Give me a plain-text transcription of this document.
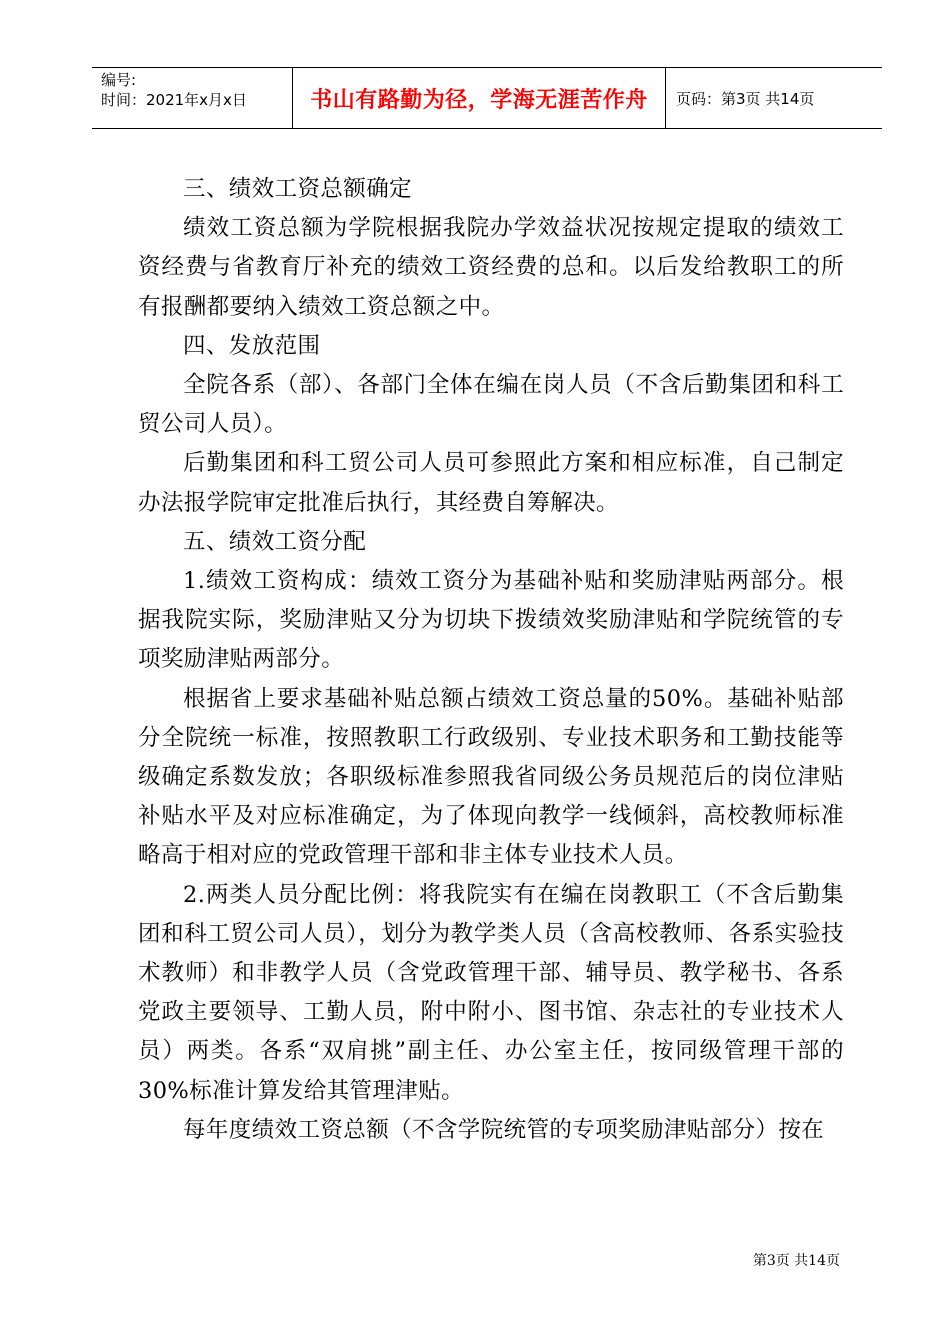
编号:
时间：2021年x月x日	书山有路勤为径，学海无涯苦作舟	页码：第3页 共14页

三、绩效工资总额确定

绩效工资总额为学院根据我院办学效益状况按规定提取的绩效工资经费与省教育厅补充的绩效工资经费的总和。以后发给教职工的所有报酬都要纳入绩效工资总额之中。

四、发放范围

全院各系（部）、各部门全体在编在岗人员（不含后勤集团和科工贸公司人员）。

后勤集团和科工贸公司人员可参照此方案和相应标准，自己制定办法报学院审定批准后执行，其经费自筹解决。

五、绩效工资分配

1.绩效工资构成：绩效工资分为基础补贴和奖励津贴两部分。根据我院实际，奖励津贴又分为切块下拨绩效奖励津贴和学院统管的专项奖励津贴两部分。

根据省上要求基础补贴总额占绩效工资总量的50%。基础补贴部分全院统一标准，按照教职工行政级别、专业技术职务和工勤技能等级确定系数发放；各职级标准参照我省同级公务员规范后的岗位津贴补贴水平及对应标准确定，为了体现向教学一线倾斜，高校教师标准略高于相对应的党政管理干部和非主体专业技术人员。

2.两类人员分配比例：将我院实有在编在岗教职工（不含后勤集团和科工贸公司人员），划分为教学类人员（含高校教师、各系实验技术教师）和非教学人员（含党政管理干部、辅导员、教学秘书、各系党政主要领导、工勤人员，附中附小、图书馆、杂志社的专业技术人员）两类。各系“双肩挑”副主任、办公室主任，按同级管理干部的30%标准计算发给其管理津贴。

每年度绩效工资总额（不含学院统管的专项奖励津贴部分）按在

第3页 共14页
